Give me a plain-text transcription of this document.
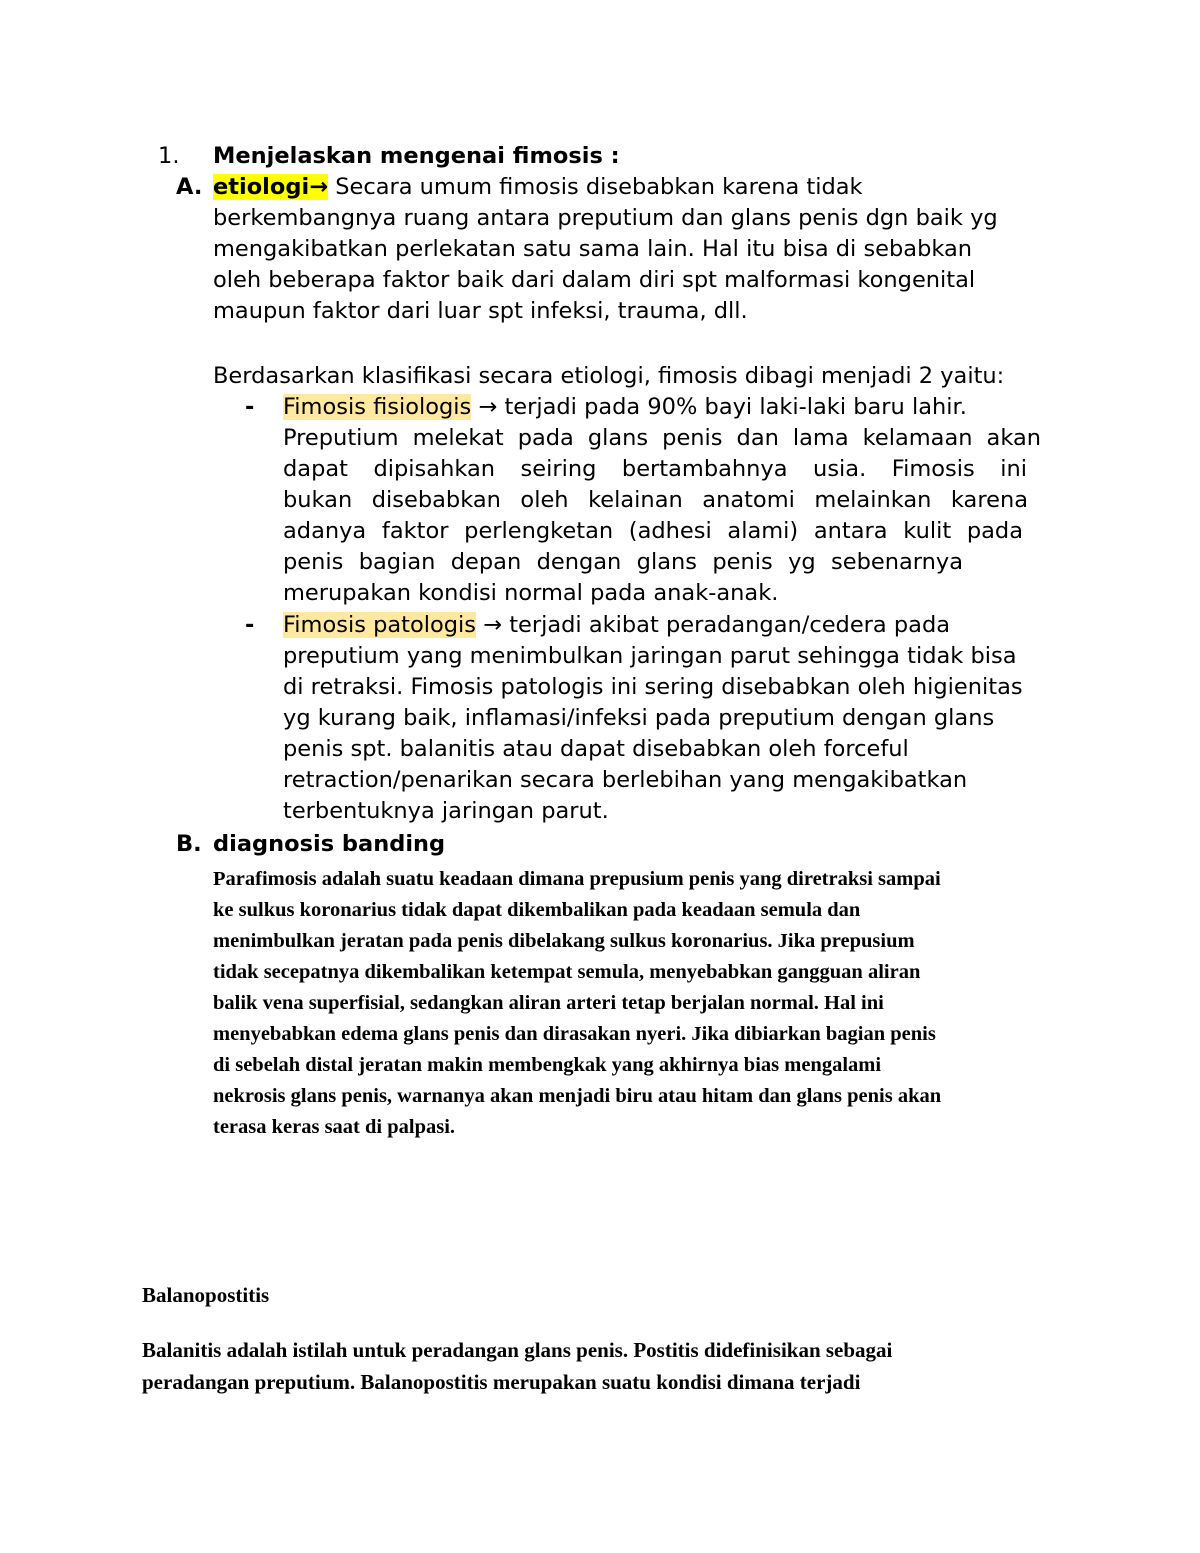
1. Menjelaskan mengenai fimosis :
A. etiologi→ Secara umum fimosis disebabkan karena tidak
berkembangnya ruang antara preputium dan glans penis dgn baik yg
mengakibatkan perlekatan satu sama lain. Hal itu bisa di sebabkan
oleh beberapa faktor baik dari dalam diri spt malformasi kongenital
maupun faktor dari luar spt infeksi, trauma, dll.
Berdasarkan klasifikasi secara etiologi, fimosis dibagi menjadi 2 yaitu:
- Fimosis fisiologis → terjadi pada 90% bayi laki-laki baru lahir.
Preputium melekat pada glans penis dan lama kelamaan akan
dapat dipisahkan seiring bertambahnya usia. Fimosis ini
bukan disebabkan oleh kelainan anatomi melainkan karena
adanya faktor perlengketan (adhesi alami) antara kulit pada
penis bagian depan dengan glans penis yg sebenarnya
merupakan kondisi normal pada anak-anak.
- Fimosis patologis → terjadi akibat peradangan/cedera pada
preputium yang menimbulkan jaringan parut sehingga tidak bisa
di retraksi. Fimosis patologis ini sering disebabkan oleh higienitas
yg kurang baik, inflamasi/infeksi pada preputium dengan glans
penis spt. balanitis atau dapat disebabkan oleh forceful
retraction/penarikan secara berlebihan yang mengakibatkan
terbentuknya jaringan parut.
B. diagnosis banding
Parafimosis adalah suatu keadaan dimana prepusium penis yang diretraksi sampai
ke sulkus koronarius tidak dapat dikembalikan pada keadaan semula dan
menimbulkan jeratan pada penis dibelakang sulkus koronarius. Jika prepusium
tidak secepatnya dikembalikan ketempat semula, menyebabkan gangguan aliran
balik vena superfisial, sedangkan aliran arteri tetap berjalan normal. Hal ini
menyebabkan edema glans penis dan dirasakan nyeri. Jika dibiarkan bagian penis
di sebelah distal jeratan makin membengkak yang akhirnya bias mengalami
nekrosis glans penis, warnanya akan menjadi biru atau hitam dan glans penis akan
terasa keras saat di palpasi.
Balanopostitis
Balanitis adalah istilah untuk peradangan glans penis. Postitis didefinisikan sebagai
peradangan preputium. Balanopostitis merupakan suatu kondisi dimana terjadi
